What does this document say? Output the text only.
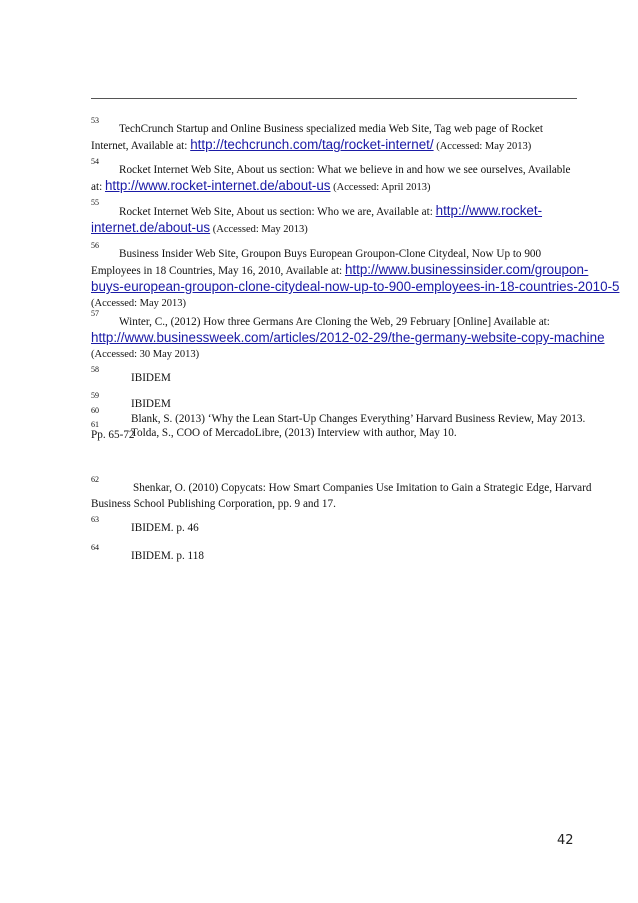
53
TechCrunch Startup and Online Business specialized media Web Site, Tag web page of Rocket
Internet, Available at: http://techcrunch.com/tag/rocket-internet/ (Accessed: May 2013)
54
Rocket Internet Web Site, About us section: What we believe in and how we see ourselves, Available
at: http://www.rocket-internet.de/about-us (Accessed: April 2013)
55
Rocket Internet Web Site, About us section: Who we are, Available at: http://www.rocket-
internet.de/about-us (Accessed: May 2013)
56
Business Insider Web Site, Groupon Buys European Groupon-Clone Citydeal, Now Up to 900
Employees in 18 Countries, May 16, 2010, Available at: http://www.businessinsider.com/groupon-
buys-european-groupon-clone-citydeal-now-up-to-900-employees-in-18-countries-2010-5
(Accessed: May 2013)
57
Winter, C., (2012) How three Germans Are Cloning the Web, 29 February [Online] Available at:
http://www.businessweek.com/articles/2012-02-29/the-germany-website-copy-machine
(Accessed: 30 May 2013)
58
IBIDEM
59
IBIDEM
60
Blank, S. (2013) ‘Why the Lean Start-Up Changes Everything’ Harvard Business Review, May 2013.
Pp. 65-72
61
Tolda, S., COO of MercadoLibre, (2013) Interview with author, May 10.
62
Shenkar, O. (2010) Copycats: How Smart Companies Use Imitation to Gain a Strategic Edge, Harvard
Business School Publishing Corporation, pp. 9 and 17.
63
IBIDEM. p. 46
64
IBIDEM. p. 118
42
